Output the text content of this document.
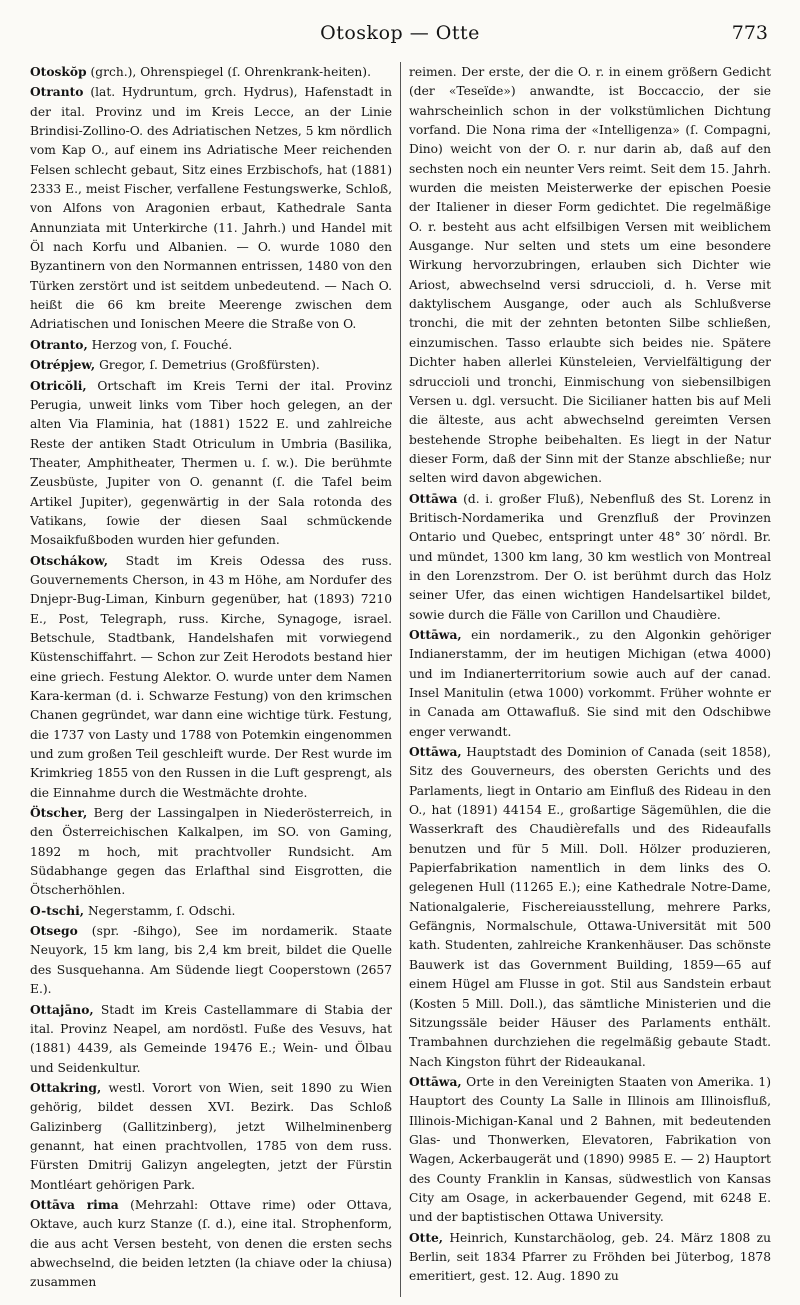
Otoskop — Otte	773

Otoskŏp (grch.), Ohrenspiegel (ſ. Ohrenkrank-heiten).

Otranto (lat. Hydruntum, grch. Hydrus), Hafenstadt in der ital. Provinz und im Kreis Lecce, an der Linie Brindisi-Zollino-O. des Adriatischen Netzes, 5 km nördlich vom Kap O., auf einem ins Adriatische Meer reichenden Felsen schlecht gebaut, Sitz eines Erzbischofs, hat (1881) 2333 E., meist Fischer, verfallene Festungswerke, Schloß, von Alfons von Aragonien erbaut, Kathedrale Santa Annunziata mit Unterkirche (11. Jahrh.) und Handel mit Öl nach Korfu und Albanien. — O. wurde 1080 den Byzantinern von den Normannen entrissen, 1480 von den Türken zerstört und ist seitdem unbedeutend. — Nach O. heißt die 66 km breite Meerenge zwischen dem Adriatischen und Ionischen Meere die Straße von O.

Otranto, Herzog von, ſ. Fouché.

Otrépjew, Gregor, ſ. Demetrius (Großfürsten).

Otricŏli, Ortschaft im Kreis Terni der ital. Provinz Perugia, unweit links vom Tiber hoch gelegen, an der alten Via Flaminia, hat (1881) 1522 E. und zahlreiche Reste der antiken Stadt Otriculum in Umbria (Basilika, Theater, Amphitheater, Thermen u. ſ. w.). Die berühmte Zeusbüste, Jupiter von O. genannt (ſ. die Tafel beim Artikel Jupiter), gegenwärtig in der Sala rotonda des Vatikans, ſowie der diesen Saal schmückende Mosaikfußboden wurden hier gefunden.

Otschákow, Stadt im Kreis Odessa des russ. Gouvernements Cherson, in 43 m Höhe, am Nordufer des Dnjepr-Bug-Liman, Kinburn gegenüber, hat (1893) 7210 E., Post, Telegraph, russ. Kirche, Synagoge, israel. Betschule, Stadtbank, Handelshafen mit vorwiegend Küstenschiffahrt. — Schon zur Zeit Herodots bestand hier eine griech. Festung Alektor. O. wurde unter dem Namen Kara-kerman (d. i. Schwarze Festung) von den krimschen Chanen gegründet, war dann eine wichtige türk. Festung, die 1737 von Lasty und 1788 von Potemkin eingenommen und zum großen Teil geschleift wurde. Der Rest wurde im Krimkrieg 1855 von den Russen in die Luft gesprengt, als die Einnahme durch die Westmächte drohte.

Ötscher, Berg der Lassingalpen in Niederösterreich, in den Österreichischen Kalkalpen, im SO. von Gaming, 1892 m hoch, mit prachtvoller Rundsicht. Am Südabhange gegen das Erlafthal sind Eisgrotten, die Ötscherhöhlen.

O-tschi, Negerstamm, ſ. Odschi.

Otsego (spr. -ßihgo), See im nordamerik. Staate Neuyork, 15 km lang, bis 2,4 km breit, bildet die Quelle des Susquehanna. Am Südende liegt Cooperstown (2657 E.).

Ottajāno, Stadt im Kreis Castellammare di Stabia der ital. Provinz Neapel, am nordöstl. Fuße des Vesuvs, hat (1881) 4439, als Gemeinde 19476 E.; Wein- und Ölbau und Seidenkultur.

Ottakring, westl. Vorort von Wien, seit 1890 zu Wien gehörig, bildet dessen XVI. Bezirk. Das Schloß Galizinberg (Gallitzinberg), jetzt Wilhelminenberg genannt, hat einen prachtvollen, 1785 von dem russ. Fürsten Dmitrij Galizyn angelegten, jetzt der Fürstin Montléart gehörigen Park.

Ottāva rima (Mehrzahl: Ottave rime) oder Ottava, Oktave, auch kurz Stanze (ſ. d.), eine ital. Strophenform, die aus acht Versen besteht, von denen die ersten sechs abwechselnd, die beiden letzten (la chiave oder la chiusa) zusammen

reimen. Der erste, der die O. r. in einem größern Gedicht (der «Teseïde») anwandte, ist Boccaccio, der sie wahrscheinlich schon in der volkstümlichen Dichtung vorfand. Die Nona rima der «Intelligenza» (ſ. Compagni, Dino) weicht von der O. r. nur darin ab, daß auf den sechsten noch ein neunter Vers reimt. Seit dem 15. Jahrh. wurden die meisten Meisterwerke der epischen Poesie der Italiener in dieser Form gedichtet. Die regelmäßige O. r. besteht aus acht elfsilbigen Versen mit weiblichem Ausgange. Nur selten und stets um eine besondere Wirkung hervorzubringen, erlauben sich Dichter wie Ariost, abwechselnd versi sdruccioli, d. h. Verse mit daktylischem Ausgange, oder auch als Schlußverse tronchi, die mit der zehnten betonten Silbe schließen, einzumischen. Tasso erlaubte sich beides nie. Spätere Dichter haben allerlei Künsteleien, Vervielfältigung der sdruccioli und tronchi, Einmischung von siebensilbigen Versen u. dgl. versucht. Die Sicilianer hatten bis auf Meli die älteste, aus acht abwechselnd gereimten Versen bestehende Strophe beibehalten. Es liegt in der Natur dieser Form, daß der Sinn mit der Stanze abschließe; nur selten wird davon abgewichen.

Ottāwa (d. i. großer Fluß), Nebenfluß des St. Lorenz in Britisch-Nordamerika und Grenzfluß der Provinzen Ontario und Quebec, entspringt unter 48° 30′ nördl. Br. und mündet, 1300 km lang, 30 km westlich von Montreal in den Lorenzstrom. Der O. ist berühmt durch das Holz seiner Ufer, das einen wichtigen Handelsartikel bildet, sowie durch die Fälle von Carillon und Chaudière.

Ottāwa, ein nordamerik., zu den Algonkin gehöriger Indianerstamm, der im heutigen Michigan (etwa 4000) und im Indianerterritorium sowie auch auf der canad. Insel Manitulin (etwa 1000) vorkommt. Früher wohnte er in Canada am Ottawafluß. Sie sind mit den Odschibwe enger verwandt.

Ottāwa, Hauptstadt des Dominion of Canada (seit 1858), Sitz des Gouverneurs, des obersten Gerichts und des Parlaments, liegt in Ontario am Einfluß des Rideau in den O., hat (1891) 44154 E., großartige Sägemühlen, die die Wasserkraft des Chaudièrefalls und des Rideaufalls benutzen und für 5 Mill. Doll. Hölzer produzieren, Papierfabrikation namentlich in dem links des O. gelegenen Hull (11265 E.); eine Kathedrale Notre-Dame, Nationalgalerie, Fischereiausstellung, mehrere Parks, Gefängnis, Normalschule, Ottawa-Universität mit 500 kath. Studenten, zahlreiche Krankenhäuser. Das schönste Bauwerk ist das Government Building, 1859—65 auf einem Hügel am Flusse in got. Stil aus Sandstein erbaut (Kosten 5 Mill. Doll.), das sämtliche Ministerien und die Sitzungssäle beider Häuser des Parlaments enthält. Trambahnen durchziehen die regelmäßig gebaute Stadt. Nach Kingston führt der Rideaukanal.

Ottāwa, Orte in den Vereinigten Staaten von Amerika. 1) Hauptort des County La Salle in Illinois am Illinoisfluß, Illinois-Michigan-Kanal und 2 Bahnen, mit bedeutenden Glas- und Thonwerken, Elevatoren, Fabrikation von Wagen, Ackerbaugerät und (1890) 9985 E. — 2) Hauptort des County Franklin in Kansas, südwestlich von Kansas City am Osage, in ackerbauender Gegend, mit 6248 E. und der baptistischen Ottawa University.

Otte, Heinrich, Kunstarchäolog, geb. 24. März 1808 zu Berlin, seit 1834 Pfarrer zu Fröhden bei Jüterbog, 1878 emeritiert, gest. 12. Aug. 1890 zu
